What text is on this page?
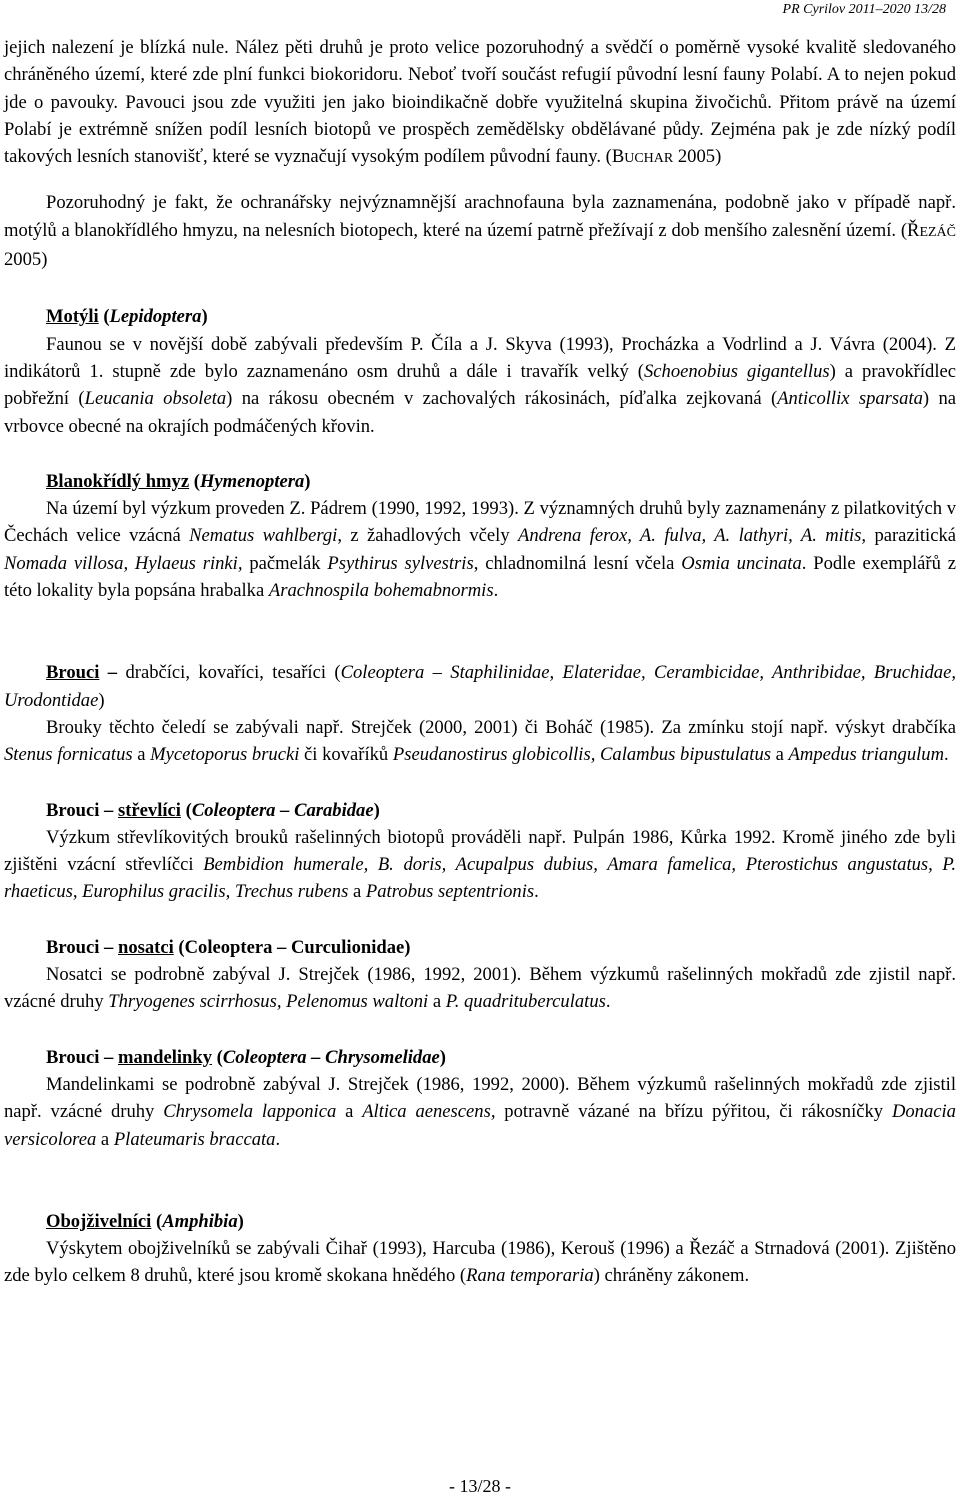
PR Cyrilov 2011–2020 13/28

jejich nalezení je blízká nule. Nález pěti druhů je proto velice pozoruhodný a svědčí o poměrně vysoké kvalitě sledovaného chráněného území, které zde plní funkci biokoridoru. Neboť tvoří součást refugií původní lesní fauny Polabí. A to nejen pokud jde o pavouky. Pavouci jsou zde využiti jen jako bioindikačně dobře využitelná skupina živočichů. Přitom právě na území Polabí je extrémně snížen podíl lesních biotopů ve prospěch zemědělsky obdělávané půdy. Zejména pak je zde nízký podíl takových lesních stanovišť, které se vyznačují vysokým podílem původní fauny. (BUCHAR 2005)

Pozoruhodný je fakt, že ochranářsky nejvýznamnější arachnofauna byla zaznamenána, podobně jako v případě např. motýlů a blanokřídlého hmyzu, na nelesních biotopech, které na území patrně přežívají z dob menšího zalesnění území. (ŘEZÁČ 2005)

Motýli (Lepidoptera)

Faunou se v novější době zabývali především P. Číla a J. Skyva (1993), Procházka a Vodrlind a J. Vávra (2004). Z indikátorů 1. stupně zde bylo zaznamenáno osm druhů a dále i travařík velký (Schoenobius gigantellus) a pravokřídlec pobřežní (Leucania obsoleta) na rákosu obecném v zachovalých rákosinách, píďalka zejkovaná (Anticollix sparsata) na vrbovce obecné na okrajích podmáčených křovin.

Blanokřídlý hmyz (Hymenoptera)

Na území byl výzkum proveden Z. Pádrem (1990, 1992, 1993). Z významných druhů byly zaznamenány z pilatkovitých v Čechách velice vzácná Nematus wahlbergi, z žahadlových včely Andrena ferox, A. fulva, A. lathyri, A. mitis, parazitická Nomada villosa, Hylaeus rinki, pačmelák Psythirus sylvestris, chladnomilná lesní včela Osmia uncinata. Podle exemplářů z této lokality byla popsána hrabalka Arachnospila bohemabnormis.

Brouci – drabčíci, kovaříci, tesaříci (Coleoptera – Staphilinidae, Elateridae, Cerambicidae, Anthribidae, Bruchidae, Urodontidae)

Brouky těchto čeledí se zabývali např. Strejček (2000, 2001) či Boháč (1985). Za zmínku stojí např. výskyt drabčíka Stenus fornicatus a Mycetoporus brucki či kovaříků Pseudanostirus globicollis, Calambus bipustulatus a Ampedus triangulum.

Brouci – střevlíci (Coleoptera – Carabidae)

Výzkum střevlíkovitých brouků rašelinných biotopů prováděli např. Pulpán 1986, Kůrka 1992. Kromě jiného zde byli zjištěni vzácní střevlíčci Bembidion humerale, B. doris, Acupalpus dubius, Amara famelica, Pterostichus angustatus, P. rhaeticus, Europhilus gracilis, Trechus rubens a Patrobus septentrionis.

Brouci – nosatci (Coleoptera – Curculionidae)

Nosatci se podrobně zabýval J. Strejček (1986, 1992, 2001). Během výzkumů rašelinných mokřadů zde zjistil např. vzácné druhy Thryogenes scirrhosus, Pelenomus waltoni a P. quadrituberculatus.

Brouci – mandelinky (Coleoptera – Chrysomelidae)

Mandelinkami se podrobně zabýval J. Strejček (1986, 1992, 2000). Během výzkumů rašelinných mokřadů zde zjistil např. vzácné druhy Chrysomela lapponica a Altica aenescens, potravně vázané na břízu pýřitou, či rákosníčky Donacia versicolorea a Plateumaris braccata.

Obojživelníci (Amphibia)

Výskytem obojživelníků se zabývali Čihař (1993), Harcuba (1986), Kerouš (1996) a Řezáč a Strnadová (2001). Zjištěno zde bylo celkem 8 druhů, které jsou kromě skokana hnědého (Rana temporaria) chráněny zákonem.

- 13/28 -
